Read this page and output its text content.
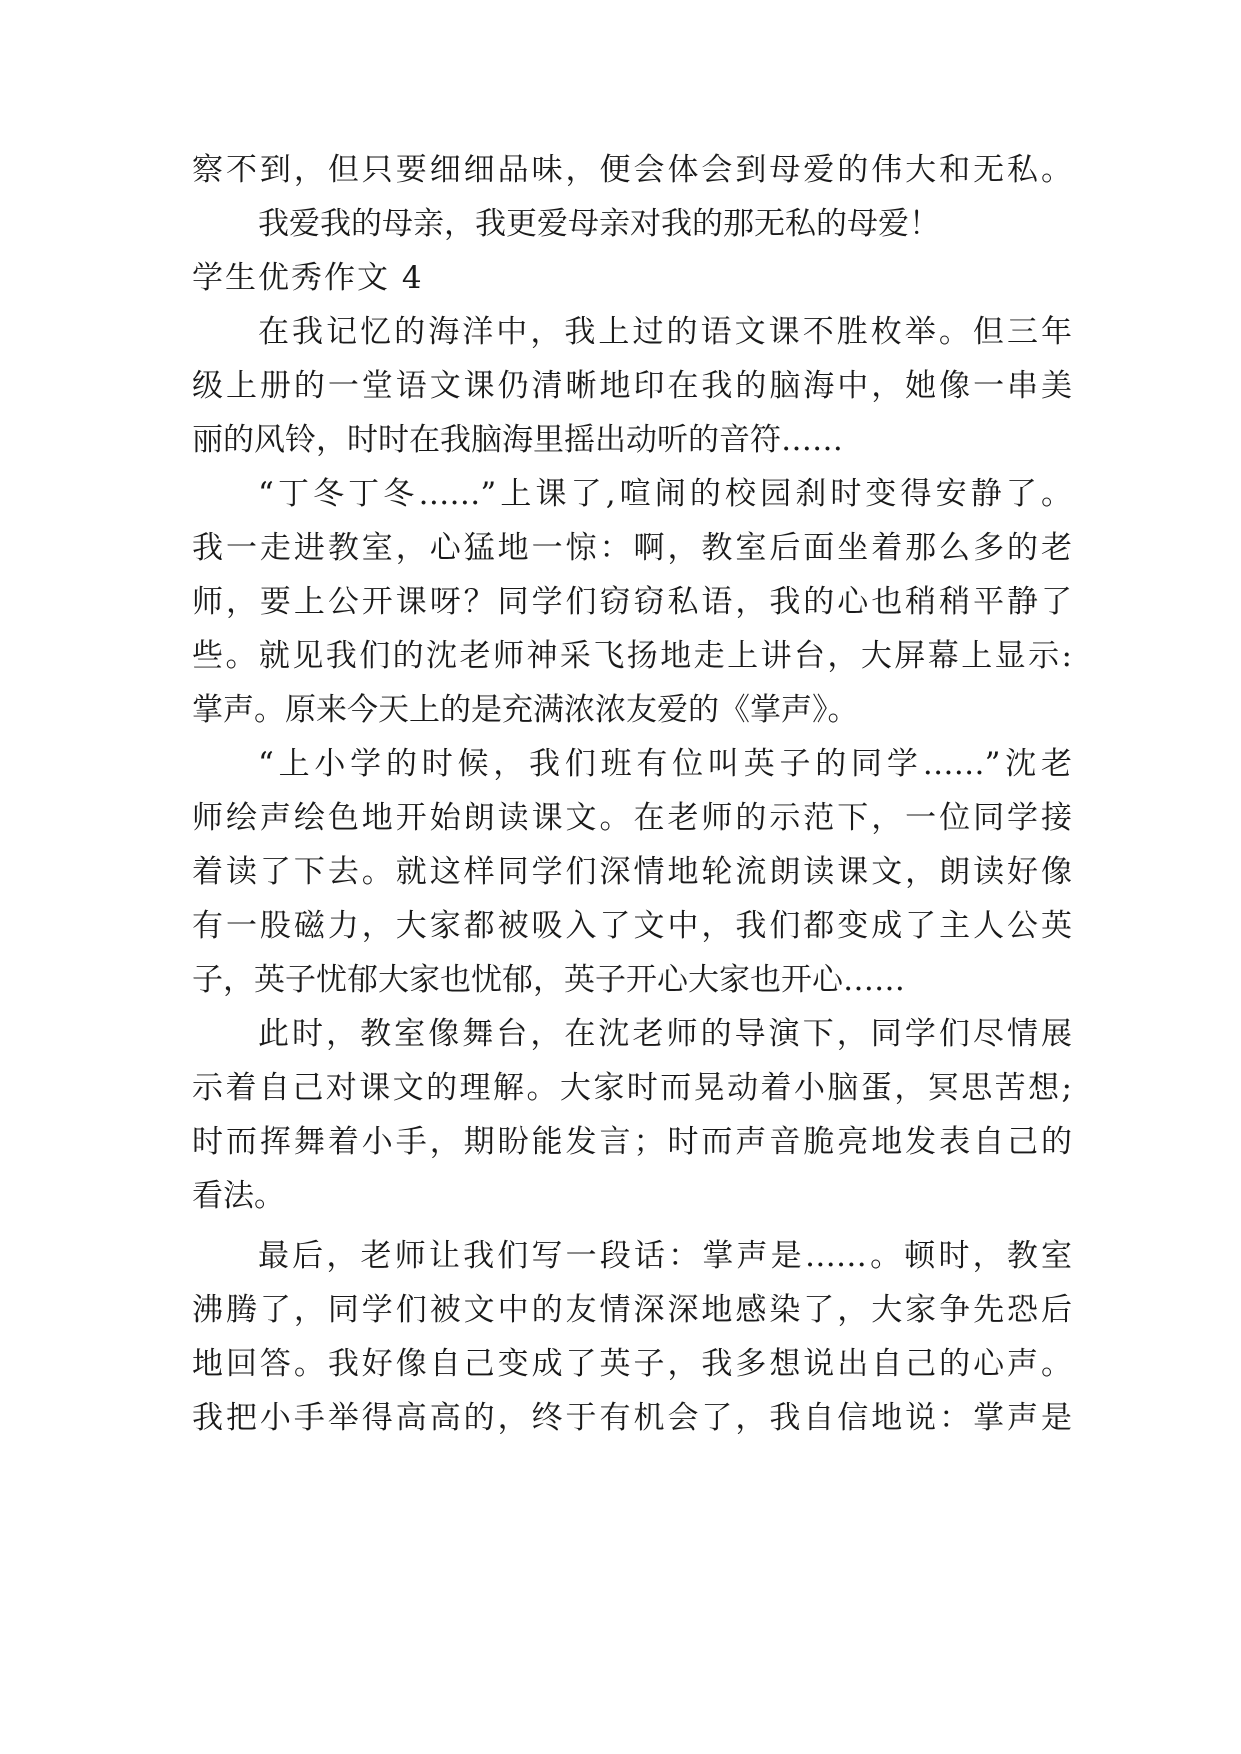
察不到，但只要细细品味，便会体会到母爱的伟大和无私。
我爱我的母亲，我更爱母亲对我的那无私的母爱！
学生优秀作文 4
在我记忆的海洋中，我上过的语文课不胜枚举。但三年
级上册的一堂语文课仍清晰地印在我的脑海中，她像一串美
丽的风铃，时时在我脑海里摇出动听的音符……
“丁冬丁冬……”上课了,喧闹的校园刹时变得安静了。
我一走进教室，心猛地一惊：啊，教室后面坐着那么多的老
师，要上公开课呀？同学们窃窃私语，我的心也稍稍平静了
些。就见我们的沈老师神采飞扬地走上讲台，大屏幕上显示:
掌声。原来今天上的是充满浓浓友爱的《掌声》。
“上小学的时候，我们班有位叫英子的同学……”沈老
师绘声绘色地开始朗读课文。在老师的示范下，一位同学接
着读了下去。就这样同学们深情地轮流朗读课文，朗读好像
有一股磁力，大家都被吸入了文中，我们都变成了主人公英
子，英子忧郁大家也忧郁，英子开心大家也开心……
此时，教室像舞台，在沈老师的导演下，同学们尽情展
示着自己对课文的理解。大家时而晃动着小脑蛋，冥思苦想;
时而挥舞着小手，期盼能发言；时而声音脆亮地发表自己的
看法。
最后，老师让我们写一段话：掌声是……。顿时，教室
沸腾了，同学们被文中的友情深深地感染了，大家争先恐后
地回答。我好像自己变成了英子，我多想说出自己的心声。
我把小手举得高高的，终于有机会了，我自信地说：掌声是
